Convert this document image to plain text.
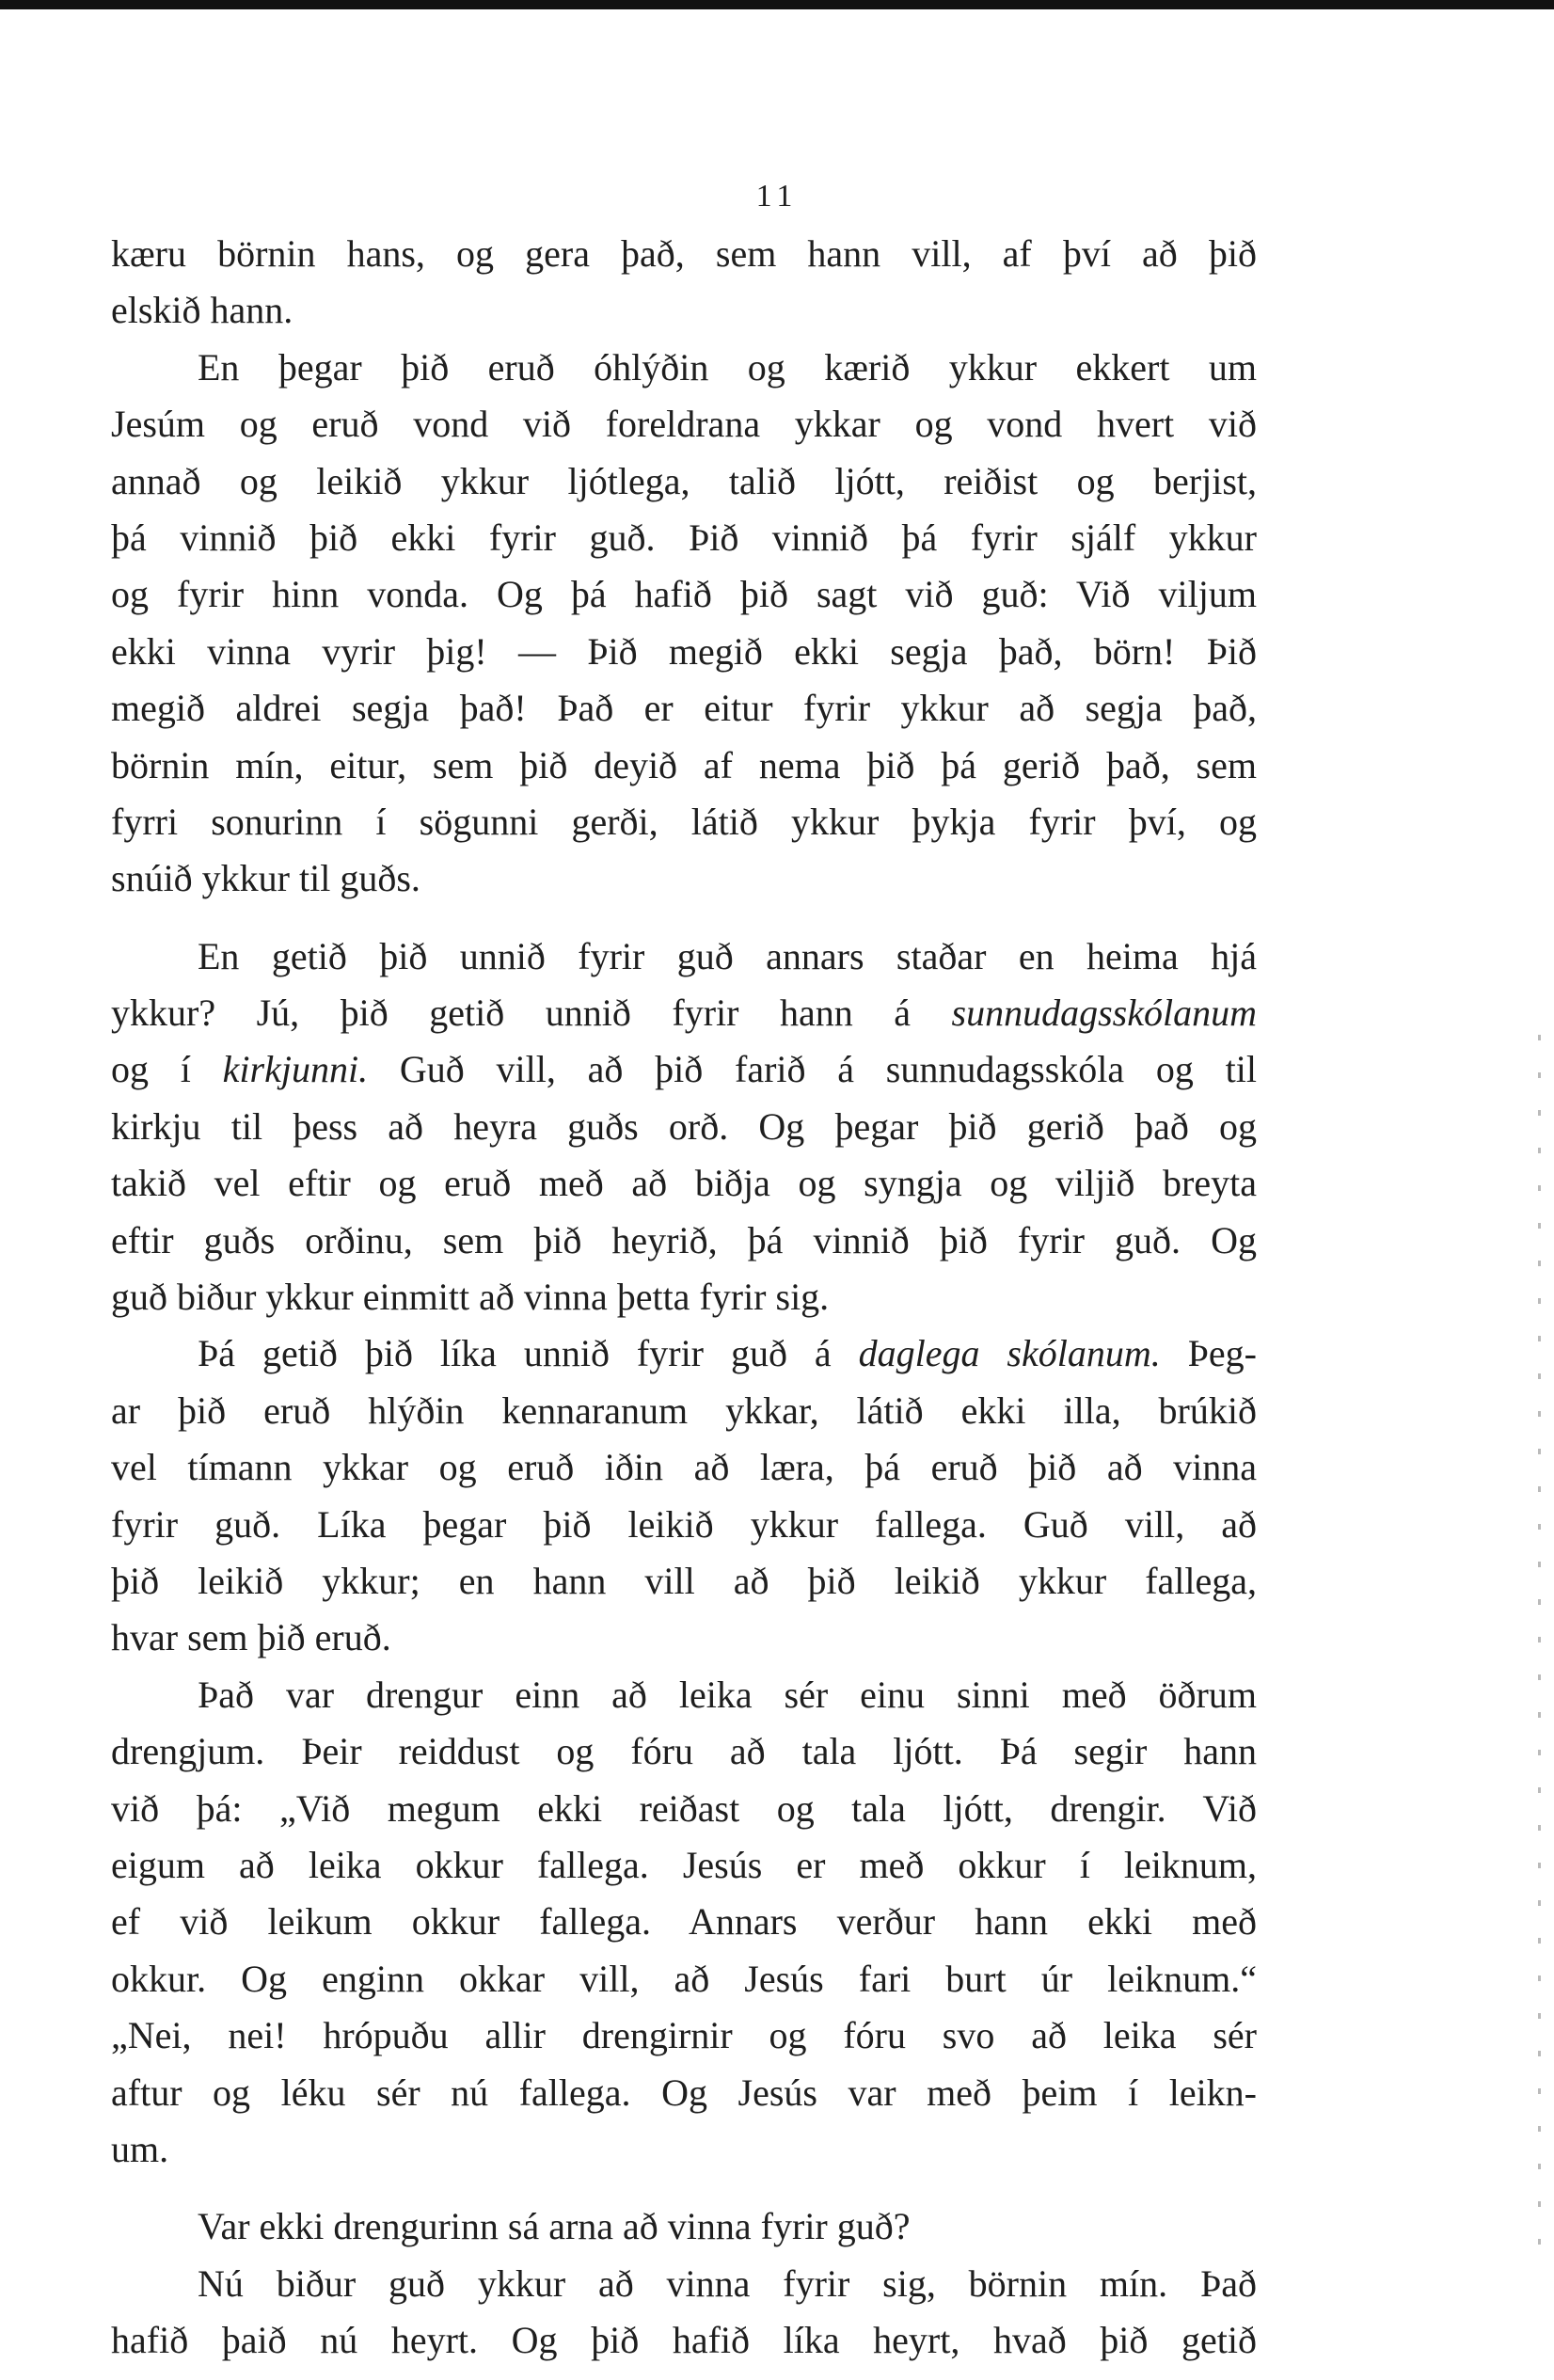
11
kæru börnin hans, og gera það, sem hann vill, af því að þið
elskið hann.
En þegar þið eruð óhlýðin og kærið ykkur ekkert um
Jesúm og eruð vond við foreldrana ykkar og vond hvert við
annað og leikið ykkur ljótlega, talið ljótt, reiðist og berjist,
þá vinnið þið ekki fyrir guð. Þið vinnið þá fyrir sjálf ykkur
og fyrir hinn vonda. Og þá hafið þið sagt við guð: Við viljum
ekki vinna vyrir þig! — Þið megið ekki segja það, börn! Þið
megið aldrei segja það! Það er eitur fyrir ykkur að segja það,
börnin mín, eitur, sem þið deyið af nema þið þá gerið það, sem
fyrri sonurinn í sögunni gerði, látið ykkur þykja fyrir því, og
snúið ykkur til guðs.
En getið þið unnið fyrir guð annars staðar en heima hjá
ykkur? Jú, þið getið unnið fyrir hann á sunnudagsskólanum
og í kirkjunni. Guð vill, að þið farið á sunnudagsskóla og til
kirkju til þess að heyra guðs orð. Og þegar þið gerið það og
takið vel eftir og eruð með að biðja og syngja og viljið breyta
eftir guðs orðinu, sem þið heyrið, þá vinnið þið fyrir guð. Og
guð biður ykkur einmitt að vinna þetta fyrir sig.
Þá getið þið líka unnið fyrir guð á daglega skólanum. Þeg-
ar þið eruð hlýðin kennaranum ykkar, látið ekki illa, brúkið
vel tímann ykkar og eruð iðin að læra, þá eruð þið að vinna
fyrir guð. Líka þegar þið leikið ykkur fallega. Guð vill, að
þið leikið ykkur; en hann vill að þið leikið ykkur fallega,
hvar sem þið eruð.
Það var drengur einn að leika sér einu sinni með öðrum
drengjum. Þeir reiddust og fóru að tala ljótt. Þá segir hann
við þá: „Við megum ekki reiðast og tala ljótt, drengir. Við
eigum að leika okkur fallega. Jesús er með okkur í leiknum,
ef við leikum okkur fallega. Annars verður hann ekki með
okkur. Og enginn okkar vill, að Jesús fari burt úr leiknum.“
„Nei, nei! hrópuðu allir drengirnir og fóru svo að leika sér
aftur og léku sér nú fallega. Og Jesús var með þeim í leikn-
um.
Var ekki drengurinn sá arna að vinna fyrir guð?
Nú biður guð ykkur að vinna fyrir sig, börnin mín. Það
hafið þaið nú heyrt. Og þið hafið líka heyrt, hvað þið getið
